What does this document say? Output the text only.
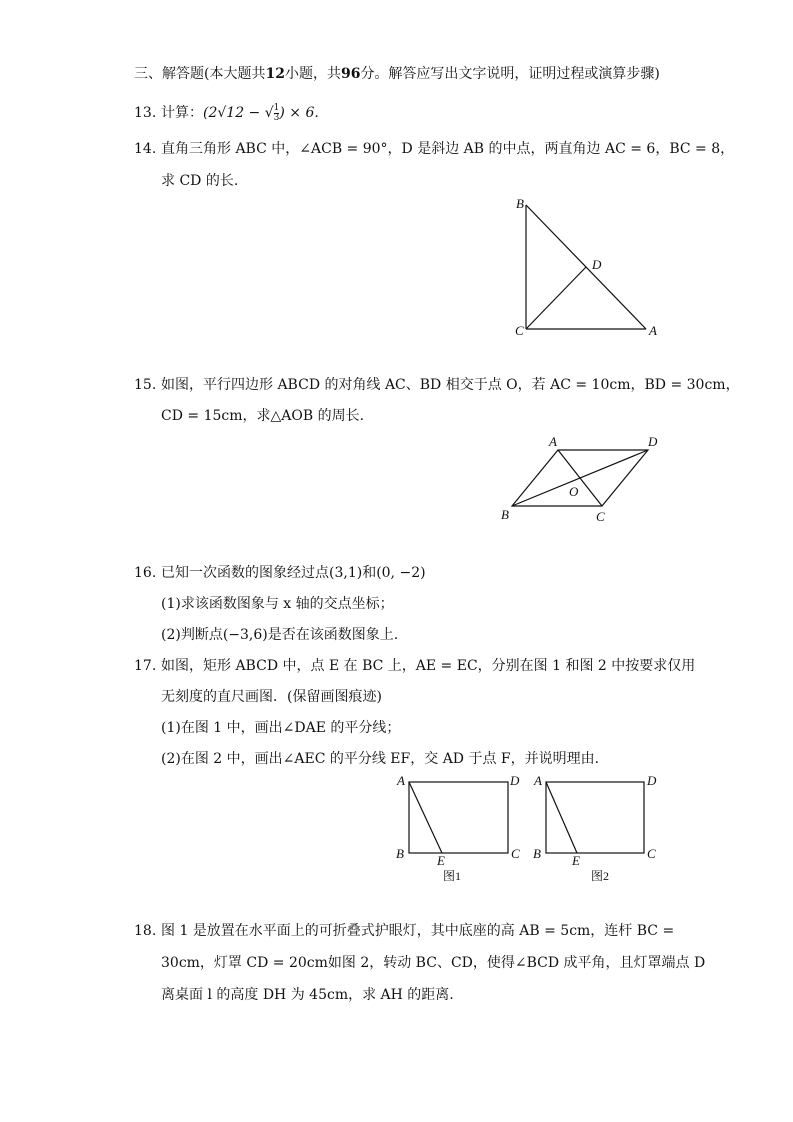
三、解答题(本大题共12小题，共96分。解答应写出文字说明，证明过程或演算步骤)
13. 计算：(2√12 − √ $\frac{1}{3}$ ) × 6.
14. 直角三角形 ABC 中，∠ACB = 90°，D 是斜边 AB 的中点，两直角边 AC = 6，BC = 8，
求 CD 的长.
B
D
C	A
15. 如图，平行四边形 ABCD 的对角线 AC、BD 相交于点 O，若 AC = 10cm，BD = 30cm，
CD = 15cm，求△AOB 的周长.
A	D
O
B	C
16. 已知一次函数的图象经过点(3,1)和(0, −2)
(1)求该函数图象与 x 轴的交点坐标；
(2)判断点(−3,6)是否在该函数图象上.
17. 如图，矩形 ABCD 中，点 E 在 BC 上，AE = EC，分别在图 1 和图 2 中按要求仅用
无刻度的直尺画图．(保留画图痕迹)
(1)在图 1 中，画出∠DAE 的平分线；
(2)在图 2 中，画出∠AEC 的平分线 EF，交 AD 于点 F，并说明理由.
A	D
B	E	C
图1
A	D
B E	C
图2
18. 图 1 是放置在水平面上的可折叠式护眼灯，其中底座的高 AB = 5cm，连杆 BC =
30cm，灯罩 CD = 20cm如图 2，转动 BC、CD，使得∠BCD 成平角，且灯罩端点 D
离桌面 l 的高度 DH 为 45cm，求 AH 的距离.
